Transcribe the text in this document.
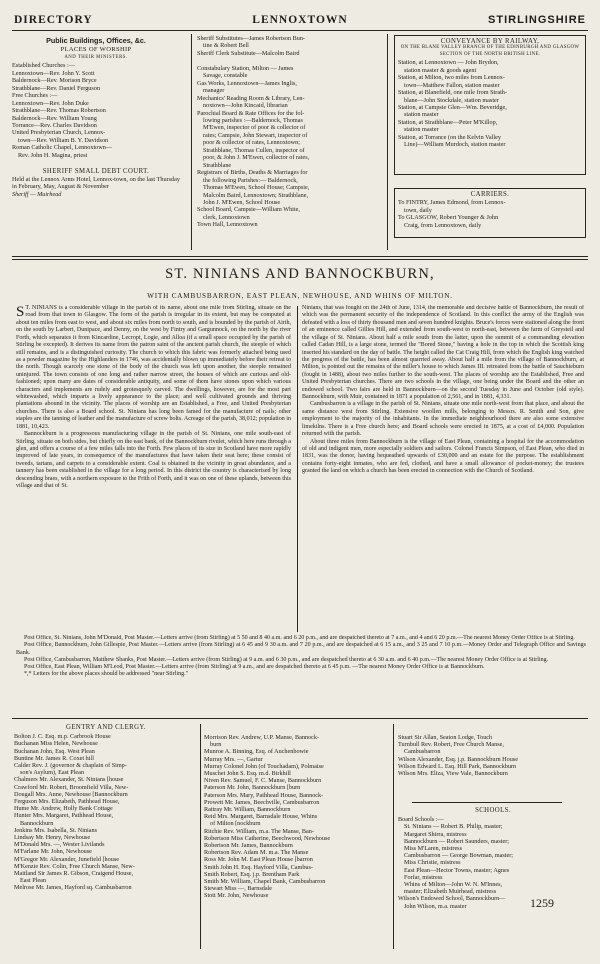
DIRECTORY	LENNOXTOWN	STIRLINGSHIRE
Public Buildings, Offices, &c.
PLACES OF WORSHIP
AND THEIR MINISTERS.
Established Churches :—
Lennoxtown—Rev. John Y. Scott
Baldernock—Rev. Morison Bryce
Strathblane—Rev. Daniel Ferguson
Free Churches :—
Lennoxtown—Rev. John Duke
Strathblane—Rev. Thomas Robertson
Baldernock—Rev. William Young
Torrance—Rev. Charles Davidson
United Presbyterian Church, Lennox-
town—Rev. William B. Y. Davidson
Roman Catholic Chapel, Lennoxtown—
Rev. John H. Magina, priest
SHERIFF SMALL DEBT COURT.

Held at the Lennox Arms Hotel, Lennox-town, on the last Thursday in February, May, August & November

Sheriff — Muirhead

Sheriff Substitutes—James Robertson Bun-
tine & Robert Bell
Sheriff Clerk Substitute—Malcolm Baird

Constabulary Station, Milton — James
Savage, constable
Gas Works, Lennoxtown—James Inglis,
manager
Mechanics' Reading Room & Library, Len-
noxtown—John Kincaid, librarian
Parochial Board & Rate Offices for the fol-
lowing parishes :—Baldernock, Thomas
M'Ewen, inspector of poor & collector of
rates; Campsie, John Stewart, inspector of
poor & collector of rates, Lennoxtown;
Strathblane, Thomas Cullen, inspector of
poor, & John J. M'Ewen, collector of rates,
Strathblane
Registrars of Births, Deaths & Marriages for
the following Parishes:— Baldernock,
Thomas M'Ewen, School House; Campsie,
Malcolm Baird, Lennoxtown; Strathblane,
John J. M'Ewen, School House
School Board, Campsie—William White,
clerk, Lennoxtown
Town Hall, Lennoxtown
CONVEYANCE BY RAILWAY,
ON THE BLANE VALLEY BRANCH OF THE EDINBURGH AND GLASGOW SECTION OF THE NORTH BRITISH LINE.
Station, at Lennoxtown — John Brydon,
station master & goods agent
Station, at Milton, two miles from Lennox-
town—Matthew Fallon, station master
Station, at Blanefield, one mile from Strath-
blane—John Stockdale, station master
Station, at Campsie Glen—Wm. Beveridge,
station master
Station, at Strathblane—Peter M'Killop,
station master
Station, at Torrance (on the Kelvin Valley
Line)—William Murdoch, station master
CARRIERS.
To FINTRY, James Edmond, from Lennox-
town, daily
To GLASGOW, Robert Younger & John
Craig, from Lennoxtown, daily
ST. NINIANS AND BANNOCKBURN,
WITH CAMBUSBARRON, EAST PLEAN, NEWHOUSE, AND WHINS OF MILTON.

S T. NINIANS is a considerable village in the parish of its name, about one mile from Stirling, situate on the road from that town to Glasgow. The form of the parish is irregular in its extent, but may be computed at about ten miles from east to west, and about six miles from north to south, and is bounded by the parish of Airth, on the south by Larbert, Dunipace, and Denny, on the west by Fintry and Gargunnock, on the north by the river Forth, which separates it from Kincardine, Lecropt, Logie, and Alloa (if a small space occupied by the parish of Stirling be excepted). It derives its name from the patron saint of the ancient parish church, the steeple of which still remains, and is a distinguished curiosity. The church to which this fabric was formerly attached being used as a powder magazine by the Highlanders in 1746, was accidentally blown up immediately before their retreat to the north. Though scarcely one stone of the body of the church was left upon another, the steeple remained uninjured. The town consists of one long and rather narrow street, the houses of which are curious and old-fashioned; upon many are dates of considerable antiquity, and some of them have stones upon which various characters and implements are rudely and grotesquely carved. The dwellings, however, are for the most part whitewashed, which imparts a lively appearance to the place; and well cultivated grounds and thriving plantations abound in the vicinity. The places of worship are an Established, a Free, and United Presbyterian churches. There is also a Board school. St. Ninians has long been famed for the manufacture of nails; other staples are the tanning of leather and the manufacture of screw bolts. Acreage of the parish, 38,012; population in 1881, 10,423.

Bannockburn is a progressous manufacturing village in the parish of St. Ninians, one mile south-east of Stirling, situate on both sides, but chiefly on the east bank, of the Bannockburn rivulet, which here runs through a glen, and offers a course of a few miles falls into the Forth. Few places of its size in Scotland have more rapidly improved of late years, in consequence of the manufactures that have taken their seat here; these consist of tweeds, tartans, and carpets to a considerable extent. Coal is obtained in the vicinity in great abundance, and a tannery has been established in the village for a long period. In this district the country is characterised by long descending braes, with a northern exposure to the Frith of Forth, and it was on one of these uplands, between this village and that of St.

Ninians, that was fought on the 24th of June, 1314, the memorable and decisive battle of Bannockburn, the result of which was the permanent security of the independence of Scotland. In this conflict the army of the English was defeated with a loss of thirty thousand men and seven hundred knights. Bruce's forces were stationed along the front of an eminence called Gillies Hill, and extended from south-west to north-east, between the farm of Greysteil and the village of St. Ninians. About half a mile south from the latter, upon the summit of a commanding elevation called Cadan Hill, is a large stone, termed the "Bored Stone," having a hole in the top in which the Scottish king inserted his standard on the day of battle. The height called the Cat Craig Hill, from which the English king watched the progress of the battle, has been almost quarried away. About half a mile from the village of Bannockburn, at Milton, is pointed out the remains of the miller's house to which James III. retreated from the battle of Sauchieburn (fought in 1488), about two miles further to the south-west. The places of worship are the Established, Free and United Presbyterian churches. There are two schools in the village, one being under the Board and the other an endowed school. Two fairs are held in Bannockburn—on the second Tuesday in June and October (old style). Bannockburn, with Muir, contained in 1871 a population of 2,561, and in 1881, 4,331.

Cambusbarron is a village in the parish of St. Ninians, situate one mile north-west from that place, and about the same distance west from Stirling. Extensive woollen mills, belonging to Messrs. R. Smith and Son, give employment to the majority of the inhabitants. In the immediate neighbourhood there are also some extensive limekilns. There is a Free church here; and Board schools were erected in 1875, at a cost of £4,000. Population returned with the parish.

About three miles from Bannockburn is the village of East Plean, containing a hospital for the accommodation of old and indigent men, more especially soldiers and sailors. Colonel Francis Simpson, of East Plean, who died in 1831, was the donor, having bequeathed upwards of £30,000 and an estate for the purpose. The establishment contains forty-eight inmates, who are fed, clothed, and have a small allowance of pocket-money; the trustees granted the land on which a church has been erected in connection with the Church of Scotland.

Post Office, St. Ninians, John M'Donald, Post Master.—Letters arrive (from Stirling) at 5 50 and 8 40 a.m. and 6 20 p.m., and are despatched thereto at 7 a.m., and 4 and 6 20 p.m.—The nearest Money Order Office is at Stirling.

Post Office, Bannockburn, John Gillespie, Post Master.—Letters arrive (from Stirling) at 6 45 and 9 30 a.m. and 7 20 p.m., and are despatched at 6 15 a.m., and 3 25 and 7 10 p.m.—Money Order and Telegraph Office and Savings Bank.

Post Office, Cambusbarron, Matthew Shanks, Post Master.—Letters arrive (from Stirling) at 9 a.m. and 6 30 p.m., and are despatched thereto at 6 30 a.m. and 6 40 p.m.—The nearest Money Order Office is at Stirling.

Post Office, East Plean, William M'Leod, Post Master.—Letters arrive (from Stirling) at 9 a.m., and are despatched thereto at 6 45 p.m. —The nearest Money Order Office is at Bannockburn.

*,* Letters for the above places should be addressed "near Stirling."

GENTRY AND CLERGY.
Bolton J. C. Esq. m.p. Carbrook House
Buchanan Miss Helen, Newhouse
Buchanan John, Esq. West Plean
Buntine Mr. James R. Coxet hill
Calder Rev. J. (governor & chaplain of Simp-
son's Asylum), East Plean
Chalmers Mr. Alexander, St. Ninians [house
Crawford Mr. Robert, Broomfield Villa, New-
Dougall Mrs. Anne, Newhouse [Bannockburn
Ferguson Mrs. Elizabeth, Pathhead House,
Hume Mr. Andrew, Holly Bank Cottage
Hunter Mrs. Margaret, Pathhead House,
Bannockburn
Jenkins Mrs. Isabella, St. Ninians
Lindsay Mr. Henry, Newhouse
M'Donald Mrs. —, Wester Livilands
M'Farlane Mr. John, Newhouse
M'Gregor Mr. Alexander, Junefield [house
M'Kenzie Rev. Colin, Free Church Manse, New-
Maitland Sir James R. Gibson, Craigend House,
East Plean
Melrose Mr. James, Hayford sq. Cambusbarron
Morrison Rev. Andrew, U.P. Manse, Bannock-
burn
Munroe A. Binning, Esq. of Auchenbowie
Murray Mrs. —, Gartur
Murray Colonel John (of Touchadam), Polmaise
Muschet John S. Esq. m.d. Birkhill
Niven Rev. Samuel, F. C. Manse, Bannockburn
Paterson Mr. John, Bannockburn [burn
Paterson Mrs. Mary, Pathhead House, Bannock-
Prowett Mr. James, Beechville, Cambusbarron
Rattray Mr. William, Bannockburn
Reid Mrs. Margaret, Barnsdale House, Whins
of Milton [nockburn
Ritchie Rev. William, m.a. The Manse, Ban-
Robertson Miss Catherine, Beechwood, Newhouse
Robertson Mr. James, Bannockburn
Robertson Rev. Adam M. m.a. The Manse
Ross Mr. John M. East Plean House [barron
Smith John H. Esq. Hayford Villa, Cambus-
Smith Robert, Esq. j.p. Brentham Park
Smith Mr. William, Chapel Bank, Cambusbarron
Stewart Miss —, Barnsdale
Stott Mr. John, Newhouse
Stuart Sir Allan, Seaton Lodge, Touch
Turnbull Rev. Robert, Free Church Manse,
Cambusbarron
Wilson Alexander, Esq. j.p. Bannockburn House
Wilson Edward L. Esq. Hill Park, Bannockburn
Wilson Mrs. Eliza, View Vale, Bannockburn
SCHOOLS.
Board Schools :—
St. Ninians — Robert B. Philip, master;
Margaret Shirra, mistress
Bannockburn — Robert Saunders, master;
Miss M'Laren, mistress
Cambusbarron — George Bowman, master;
Miss Christie, mistress
East Plean—Hector Towns, master; Agnes
Forfar, mistress
Whins of Milton—John W. N. M'Innes,
master; Elizabeth Muirhead, mistress
Wilson's Endowed School, Bannockburn—
John Wilson, m.a. master	1259
